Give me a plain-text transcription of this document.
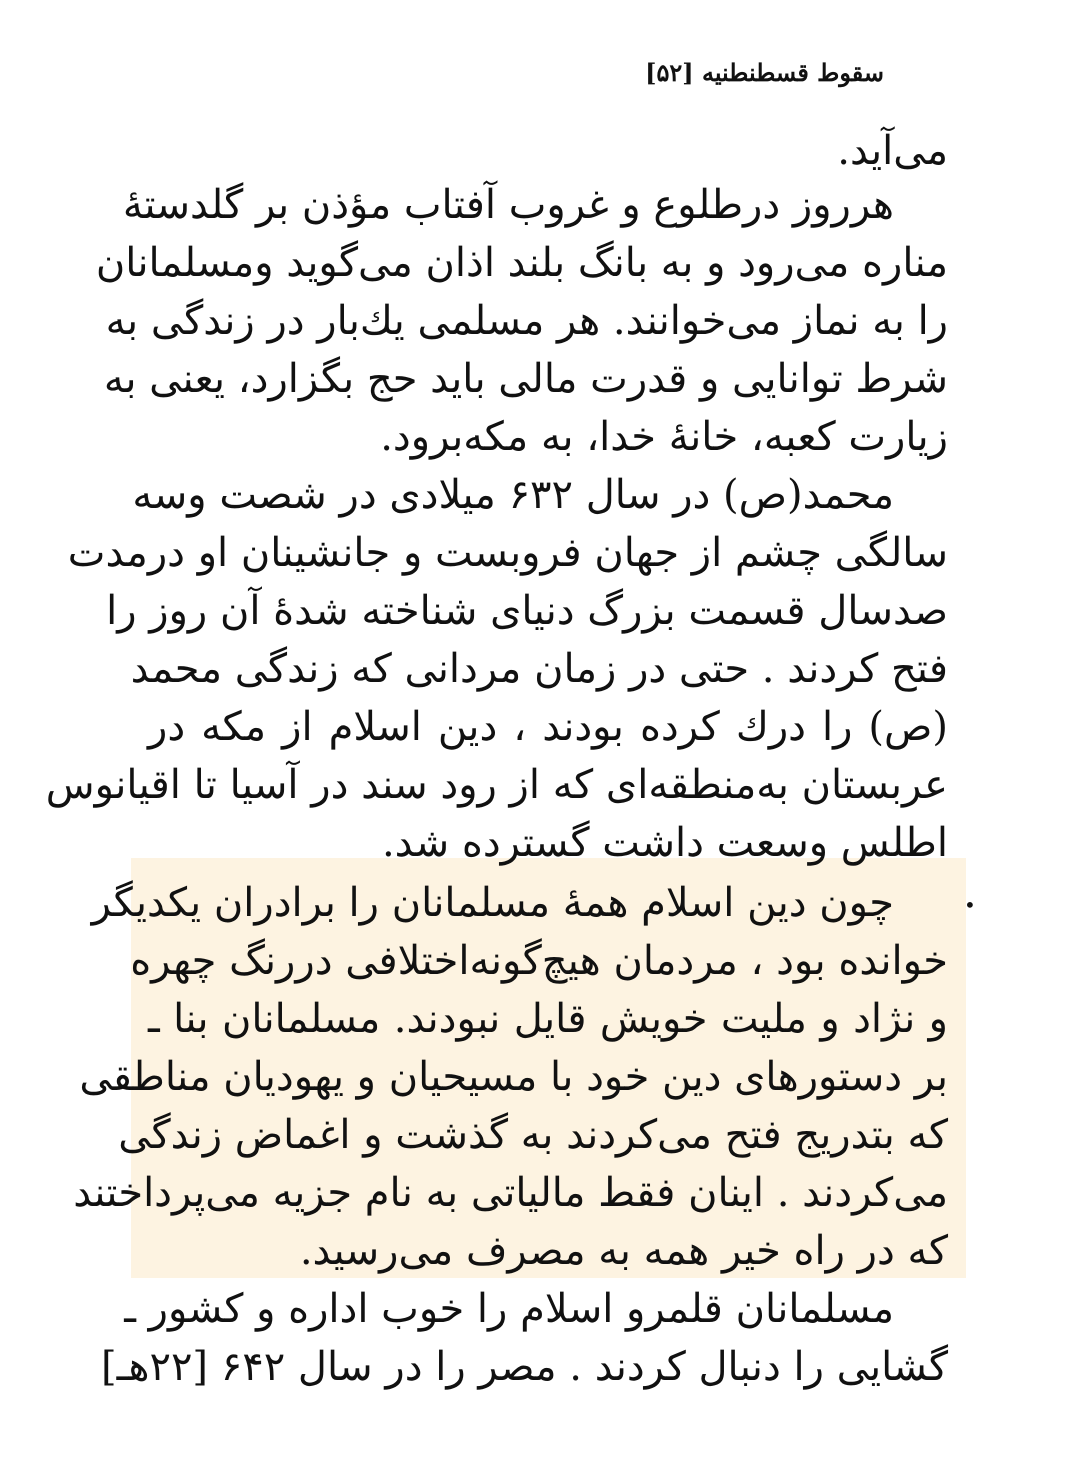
سقوط قسطنطنیه [۵۲]
•
می‌آید.
هرروز درطلوع و غروب آفتاب مؤذن بر گلدستهٔ
مناره می‌رود و به بانگ بلند اذان می‌گوید ومسلمانان
را به نماز می‌خوانند. هر مسلمی یك‌بار در زندگی به
شرط توانایی و قدرت مالی باید حج بگزارد، یعنی به
زیارت کعبه، خانهٔ خدا، به مکه‌برود.
محمد(ص) در سال ۶۳۲ میلادی در شصت وسه
سالگی چشم از جهان فروبست و جانشینان او درمدت
صدسال قسمت بزرگ دنیای شناخته شدهٔ آن روز را
فتح کردند . حتی در زمان مردانی که زندگی محمد
(ص) را درك كرده بودند ، دین اسلام از مکه در
عربستان به‌منطقه‌ای که از رود سند در آسیا تا اقیانوس
اطلس وسعت داشت گسترده شد.
چون دین اسلام همهٔ مسلمانان را برادران یکدیگر
خوانده بود ، مردمان هیچ‌گونه‌اختلافی دررنگ چهره
و نژاد و ملیت خویش قایل نبودند. مسلمانان بنا ـ
بر دستورهای دین خود با مسیحیان و یهودیان مناطقی
که بتدریج فتح می‌کردند به گذشت و اغماض زندگی
می‌کردند . اینان فقط مالیاتی به نام جزیه می‌پرداختند
که در راه خیر همه به مصرف می‌رسید.
مسلمانان قلمرو اسلام را خوب اداره و کشور ـ
گشایی را دنبال کردند . مصر را در سال ۶۴۲ [۲۲هـ]
